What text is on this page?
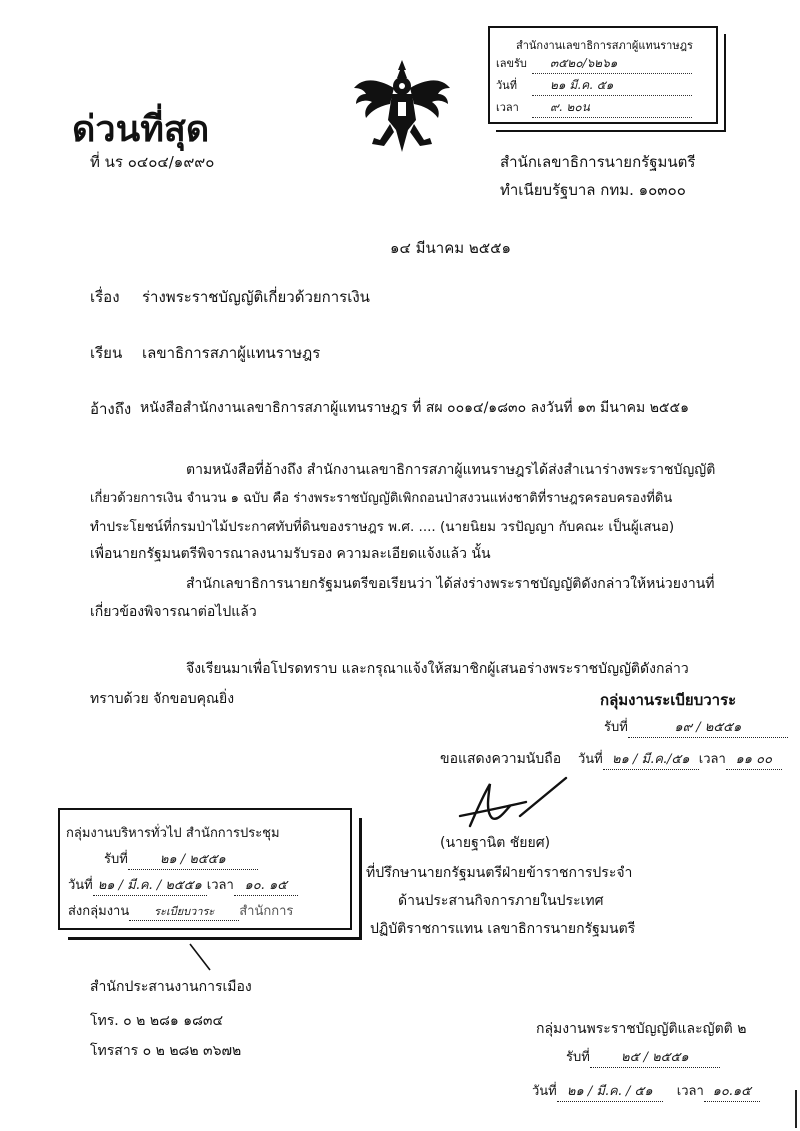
สำนักงานเลขาธิการสภาผู้แทนราษฎร
เลขรับ ๓๕๒๐/๖๒๖๑
วันที่	๒๑ มี.ค. ๕๑
เวลา	๙. ๒๐น
ด่วนที่สุด
ที่ นร ๐๔๐๔/๑๙๙๐	สำนักเลขาธิการนายกรัฐมนตรี
ทำเนียบรัฐบาล กทม. ๑๐๓๐๐
๑๔ มีนาคม ๒๕๕๑
เรื่อง ร่างพระราชบัญญัติเกี่ยวด้วยการเงิน
เรียน เลขาธิการสภาผู้แทนราษฎร
อ้างถึง หนังสือสำนักงานเลขาธิการสภาผู้แทนราษฎร ที่ สผ ๐๐๑๔/๑๘๓๐ ลงวันที่ ๑๓ มีนาคม ๒๕๕๑
ตามหนังสือที่อ้างถึง สำนักงานเลขาธิการสภาผู้แทนราษฎรได้ส่งสำเนาร่างพระราชบัญญัติ
เกี่ยวด้วยการเงิน จำนวน ๑ ฉบับ คือ ร่างพระราชบัญญัติเพิกถอนป่าสงวนแห่งชาติที่ราษฎรครอบครองที่ดิน
ทำประโยชน์ที่กรมป่าไม้ประกาศทับที่ดินของราษฎร พ.ศ. .... (นายนิยม วรปัญญา กับคณะ เป็นผู้เสนอ)
เพื่อนายกรัฐมนตรีพิจารณาลงนามรับรอง ความละเอียดแจ้งแล้ว นั้น
สำนักเลขาธิการนายกรัฐมนตรีขอเรียนว่า ได้ส่งร่างพระราชบัญญัติดังกล่าวให้หน่วยงานที่
เกี่ยวข้องพิจารณาต่อไปแล้ว
จึงเรียนมาเพื่อโปรดทราบ และกรุณาแจ้งให้สมาชิกผู้เสนอร่างพระราชบัญญัติดังกล่าว
ทราบด้วย จักขอบคุณยิ่ง	กลุ่มงานระเบียบวาระ
รับที่	๑๙ / ๒๕๕๑
ขอแสดงความนับถือ วันที่ ๒๑ / มี.ค./๕๑ เวลา ๑๑ ๐๐
(นายฐานิต ชัยยศ)
ที่ปรึกษานายกรัฐมนตรีฝ่ายข้าราชการประจำ
ด้านประสานกิจการภายในประเทศ
ปฏิบัติราชการแทน เลขาธิการนายกรัฐมนตรี
กลุ่มงานบริหารทั่วไป สำนักการประชุม
รับที่ ๒๑ / ๒๕๕๑
วันที่ ๒๑ / มี.ค. / ๒๕๕๑ เวลา ๑๐. ๑๕
ส่งกลุ่มงาน ระเบียบวาระ สำนักการ
สำนักประสานงานการเมือง
โทร. ๐ ๒ ๒๘๑ ๑๘๓๔
โทรสาร ๐ ๒ ๒๘๒ ๓๖๗๒
กลุ่มงานพระราชบัญญัติและญัตติ ๒
รับที่ ๒๕ / ๒๕๕๑
วันที่ ๒๑ / มี.ค. / ๕๑ เวลา ๑๐.๑๕
